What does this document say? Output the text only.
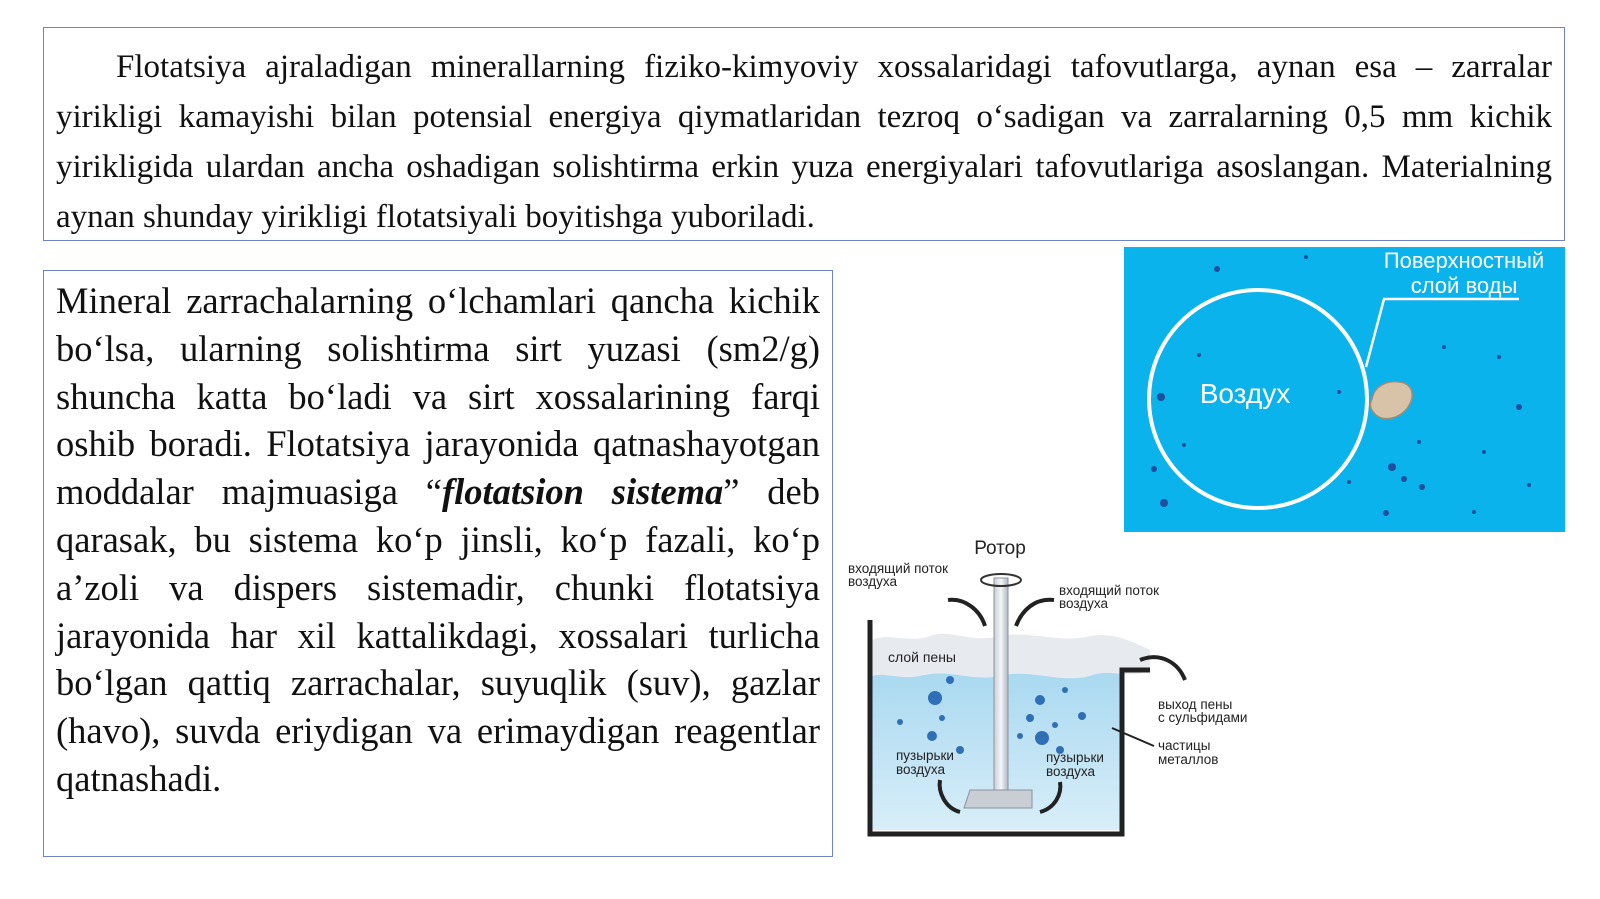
Flotatsiya ajraladigan minerallarning fiziko-kimyoviy xossalaridagi tafovutlarga, aynan esa – zarralar yirikligi kamayishi bilan potensial energiya qiymatlaridan tezroq o‘sadigan va zarralarning 0,5 mm kichik yirikligida ulardan ancha oshadigan solishtirma erkin yuza energiyalari tafovutlariga asoslangan. Materialning aynan shunday yirikligi flotatsiyali boyitishga yuboriladi.

Mineral zarrachalarning o‘lchamlari qancha kichik bo‘lsa, ularning solishtirma sirt yuzasi (sm2/g) shuncha katta bo‘ladi va sirt xossalarining farqi oshib boradi. Flotatsiya jarayonida qatnashayotgan moddalar majmuasiga “flotatsion sistema” deb qarasak, bu sistema ko‘p jinsli, ko‘p fazali, ko‘p a’zoli va dispers sistemadir, chunki flotatsiya jarayonida har xil kattalikdagi, xossalari turlicha bo‘lgan qattiq zarrachalar, suyuqlik (suv), gazlar (havo), suvda eriydigan va erimaydigan reagentlar qatnashadi.

Воздух
Поверхностный
слой воды
Ротор
входящий поток
воздуха
входящий поток
воздуха
слой пены
выход пены
с сульфидами
частицы
металлов
пузырьки
воздуха
пузырьки
воздуха
